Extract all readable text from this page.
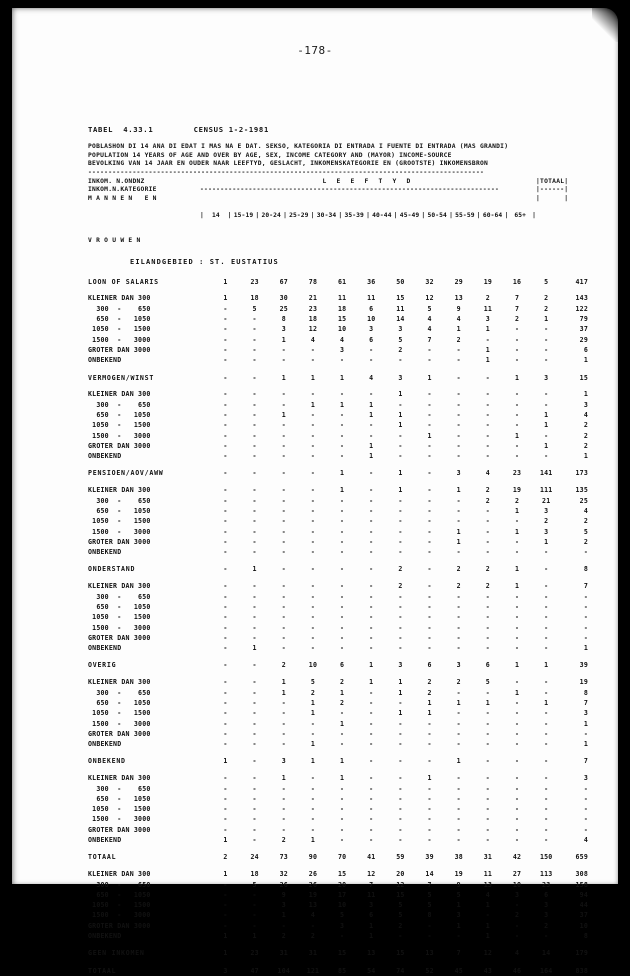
-178-
TABEL  4.33.1	CENSUS 1-2-1981
POBLASHON DI 14 ANA DI EDAT I MAS NA E DAT. SEKSO, KATEGORIA DI ENTRADA I FUENTE DI ENTRADA (MAS GRANDI)
POPULATION 14 YEARS OF AGE AND OVER BY AGE, SEX, INCOME CATEGORY AND (MAYOR) INCOME-SOURCE
BEVOLKING VAN 14 JAAR EN OUDER NAAR LEEFTYD, GESLACHT, INKOMENSKATEGORIE EN (GROOTSTE) INKOMENSBRON
--------------------------------------------------------------------------------------------------
INKOM. N.ONDNZ	L E E F T Y D	|TOTAAL|
INKOM.N.KATEGORIE	--------------------------------------------------------------------------	|------|
M A N N E N   E N

|	14	| 15-19 | 20-24 | 25-29 | 30-34 | 35-39 | 40-44 | 45-49 | 50-54 | 55-59 | 60-64 | 65+ |

|      |
V R O U W E N
EILANDGEBIED : ST. EUSTATIUS
LOON OF SALARIS	1	23	67	78	61	36	50	32	29	19	16	5	417

KLEINER DAN 300	1	18	30	21	11	11	15	12	13	2	7	2	143
300  -    650	-	5	25	23	18	6	11	5	9	11	7	2	122
650  -   1050	-	-	8	18	15	10	14	4	4	3	2	1	79
1050  -   1500	-	-	3	12	10	3	3	4	1	1	-	-	37
1500  -   3000	-	-	1	4	4	6	5	7	2	-	-	-	29
GROTER DAN 3000	-	-	-	-	3	-	2	-	-	1	-	-	6
ONBEKEND	-	-	-	-	-	-	-	-	-	1	-	-	1

VERMOGEN/WINST	-	-	1	1	1	4	3	1	-	-	1	3	15

KLEINER DAN 300	-	-	-	-	-	-	1	-	-	-	-	-	1
300  -    650	-	-	-	1	1	1	-	-	-	-	-	-	3
650  -   1050	-	-	1	-	-	1	1	-	-	-	-	1	4
1050  -   1500	-	-	-	-	-	-	1	-	-	-	-	1	2
1500  -   3000	-	-	-	-	-	-	-	1	-	-	1	-	2
GROTER DAN 3000	-	-	-	-	-	1	-	-	-	-	-	1	2
ONBEKEND	-	-	-	-	-	1	-	-	-	-	-	-	1

PENSIOEN/AOV/AWW	-	-	-	-	1	-	1	-	3	4	23	141	173

KLEINER DAN 300	-	-	-	-	1	-	1	-	1	2	19	111	135
300  -    650	-	-	-	-	-	-	-	-	-	2	2	21	25
650  -   1050	-	-	-	-	-	-	-	-	-	-	1	3	4
1050  -   1500	-	-	-	-	-	-	-	-	-	-	-	2	2
1500  -   3000	-	-	-	-	-	-	-	-	1	-	1	3	5
GROTER DAN 3000	-	-	-	-	-	-	-	-	1	-	-	1	2
ONBEKEND	-	-	-	-	-	-	-	-	-	-	-	-	-

ONDERSTAND	-	1	-	-	-	-	2	-	2	2	1	-	8

KLEINER DAN 300	-	-	-	-	-	-	2	-	2	2	1	-	7
300  -    650	-	-	-	-	-	-	-	-	-	-	-	-	-
650  -   1050	-	-	-	-	-	-	-	-	-	-	-	-	-
1050  -   1500	-	-	-	-	-	-	-	-	-	-	-	-	-
1500  -   3000	-	-	-	-	-	-	-	-	-	-	-	-	-
GROTER DAN 3000	-	-	-	-	-	-	-	-	-	-	-	-	-
ONBEKEND	-	1	-	-	-	-	-	-	-	-	-	-	1

OVERIG	-	-	2	10	6	1	3	6	3	6	1	1	39

KLEINER DAN 300	-	-	1	5	2	1	1	2	2	5	-	-	19
300  -    650	-	-	1	2	1	-	1	2	-	-	1	-	8
650  -   1050	-	-	-	1	2	-	-	1	1	1	-	1	7
1050  -   1500	-	-	-	1	-	-	1	1	-	-	-	-	3
1500  -   3000	-	-	-	-	1	-	-	-	-	-	-	-	1
GROTER DAN 3000	-	-	-	-	-	-	-	-	-	-	-	-	-
ONBEKEND	-	-	-	1	-	-	-	-	-	-	-	-	1

ONBEKEND	1	-	3	1	1	-	-	-	1	-	-	-	7

KLEINER DAN 300	-	-	1	-	1	-	-	1	-	-	-	-	3
300  -    650	-	-	-	-	-	-	-	-	-	-	-	-	-
650  -   1050	-	-	-	-	-	-	-	-	-	-	-	-	-
1050  -   1500	-	-	-	-	-	-	-	-	-	-	-	-	-
1500  -   3000	-	-	-	-	-	-	-	-	-	-	-	-	-
GROTER DAN 3000	-	-	-	-	-	-	-	-	-	-	-	-	-
ONBEKEND	1	-	2	1	-	-	-	-	-	-	-	-	4

TOTAAL	2	24	73	90	70	41	59	39	38	31	42	150	659

KLEINER DAN 300	1	18	32	26	15	12	20	14	19	11	27	113	308
300  -    650	-	5	26	26	20	7	12	7	9	13	10	23	158
650  -   1050	-	-	9	19	17	11	15	5	5	4	3	6	94
1050  -   1500	-	-	3	13	10	3	5	5	1	1	-	3	44
1500  -   3000	-	-	1	4	5	6	5	8	3	-	2	3	37
GROTER DAN 3000	-	-	-	-	3	1	2	-	1	1	-	2	10
ONBEKEND	1	1	2	2	-	1	-	-	-	1	-	-	8

GEEN INKOMEN	1	23	31	31	15	13	15	13	7	12	4	14	179

TOTAAL	3	47	104	121	85	54	74	52	45	43	46	164	838
